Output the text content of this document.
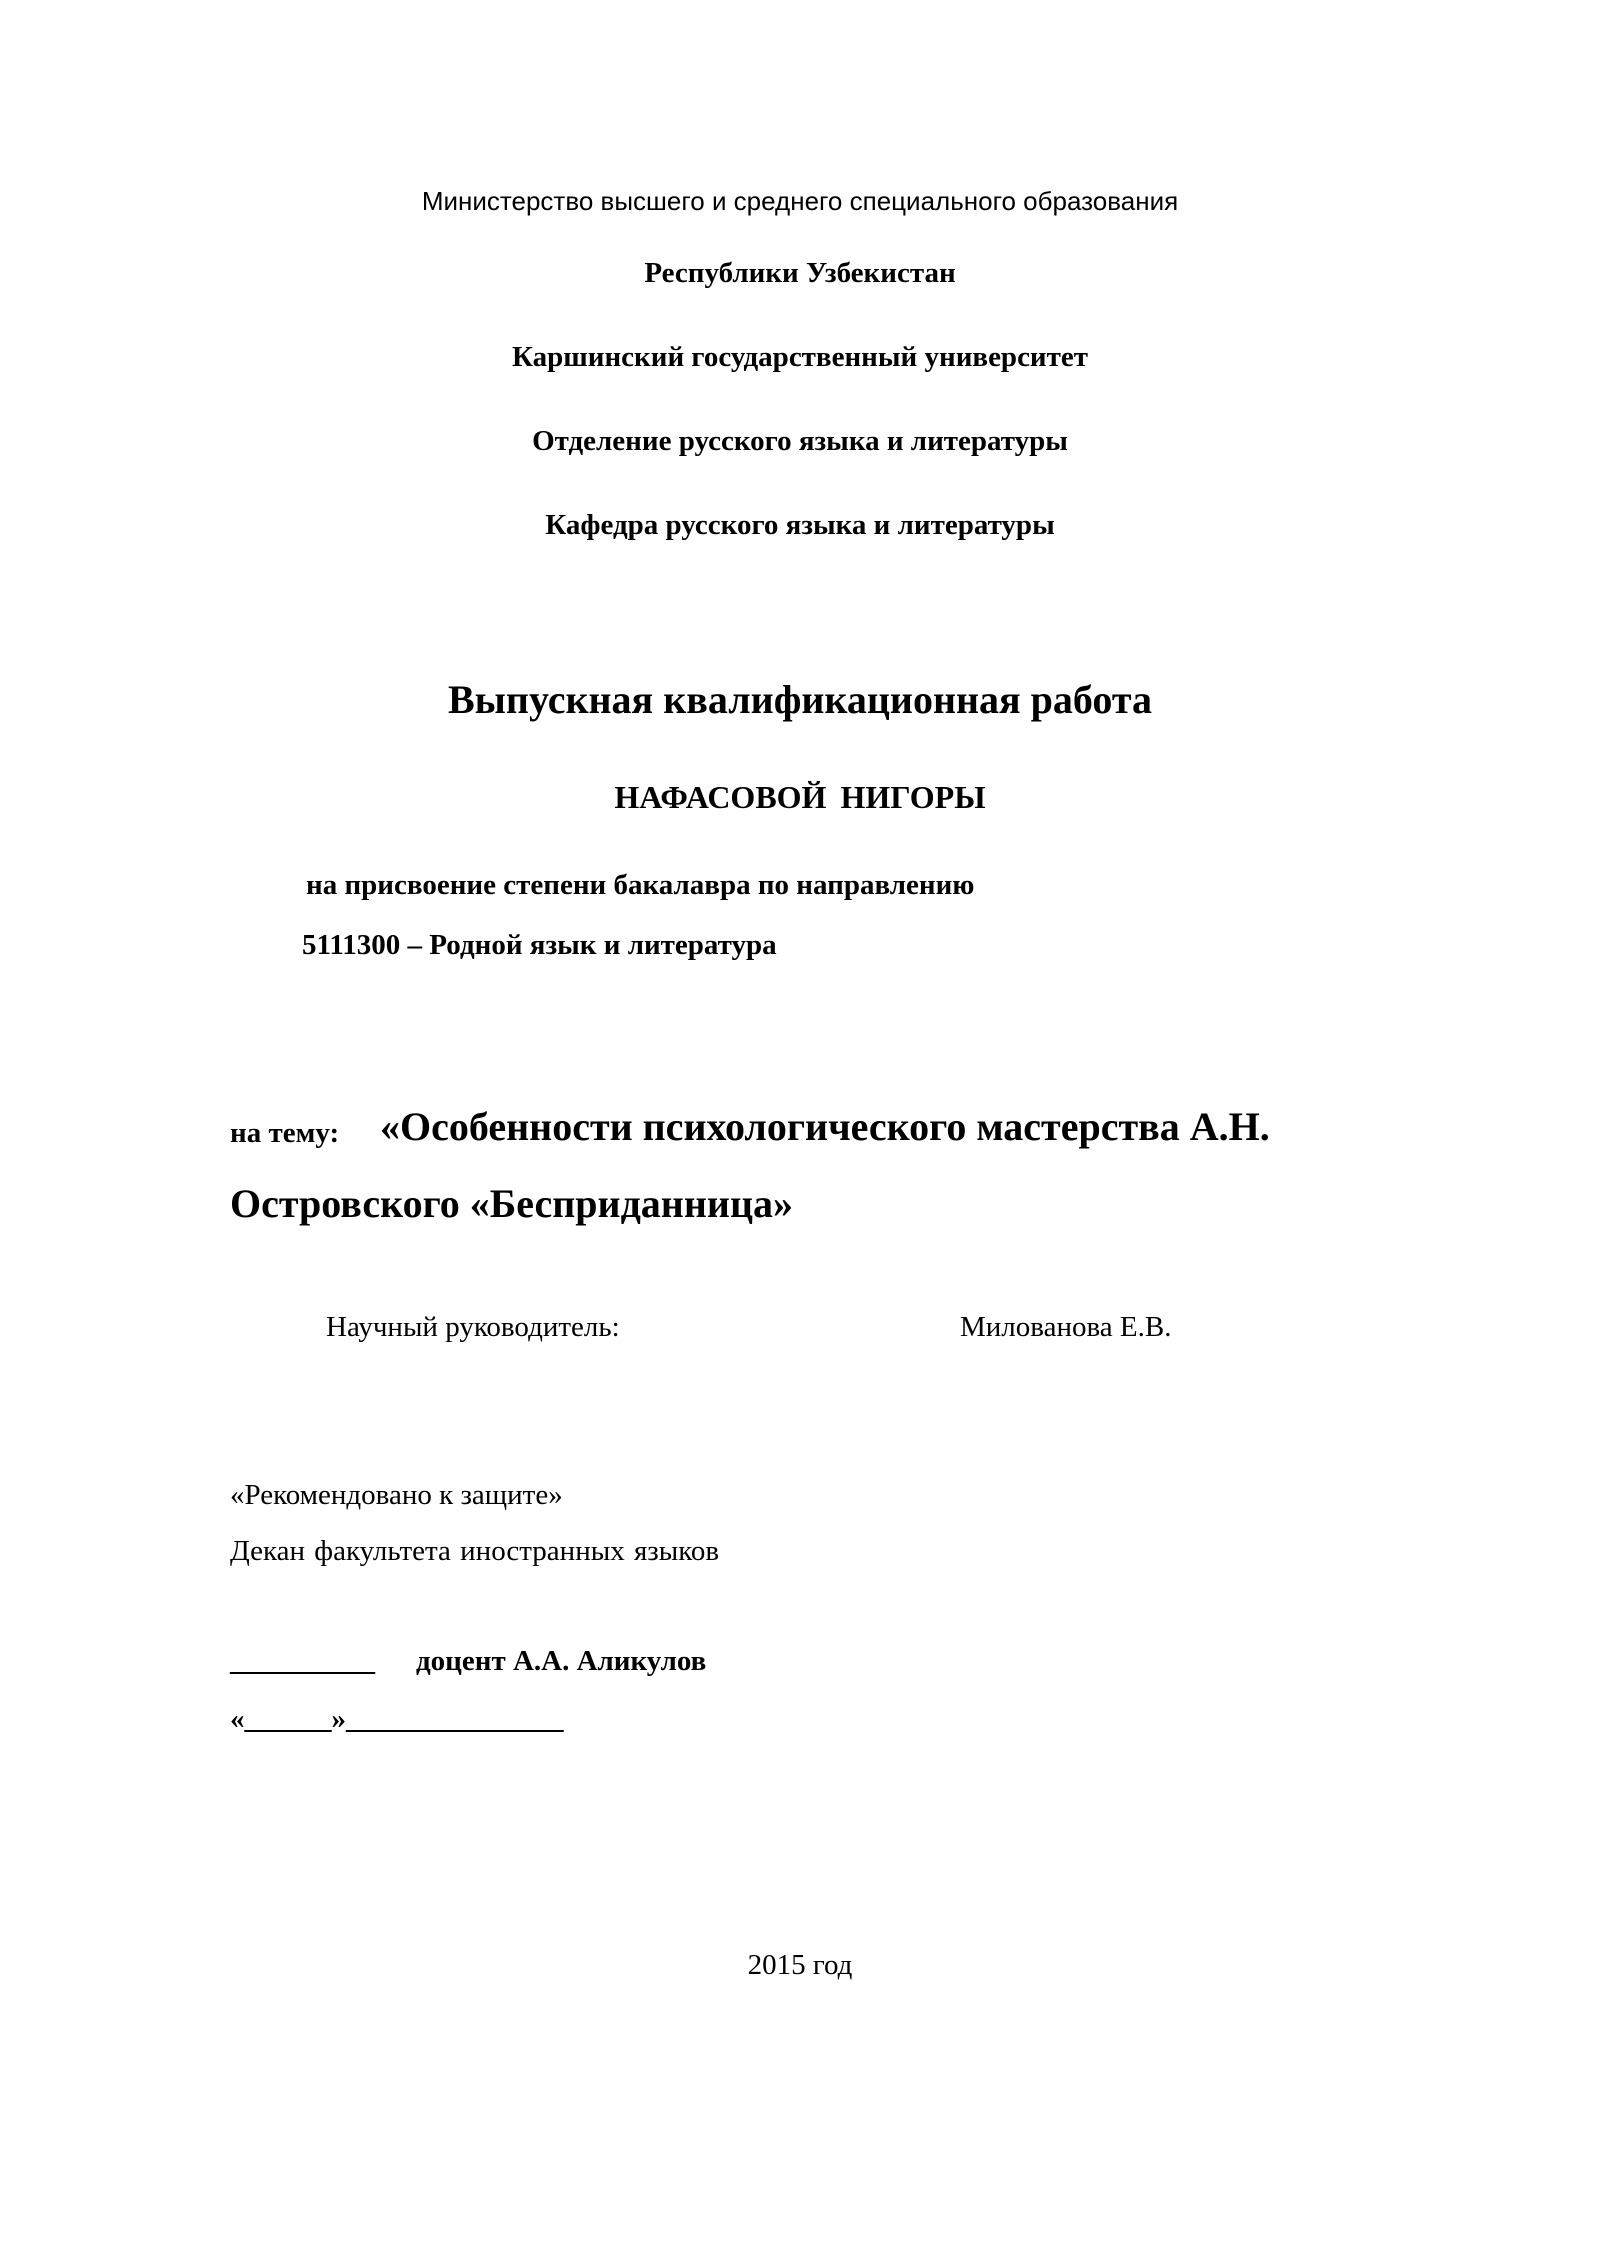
Министерство высшего и среднего специального образования
Республики Узбекистан
Каршинский государственный университет
Отделение русского языка и литературы
Кафедра русского языка и литературы
Выпускная квалификационная работа
НАФАСОВОЙ НИГОРЫ
на присвоение степени бакалавра по направлению
5111300 – Родной язык и литература
на тему: «Особенности психологического мастерства А.Н.
Островского «Бесприданница»
Научный руководитель:	Милованова Е.В.
«Рекомендовано к защите»
Декан факультета иностранных языков
__________ доцент А.А. Аликулов
«______»_______________
2015 год
